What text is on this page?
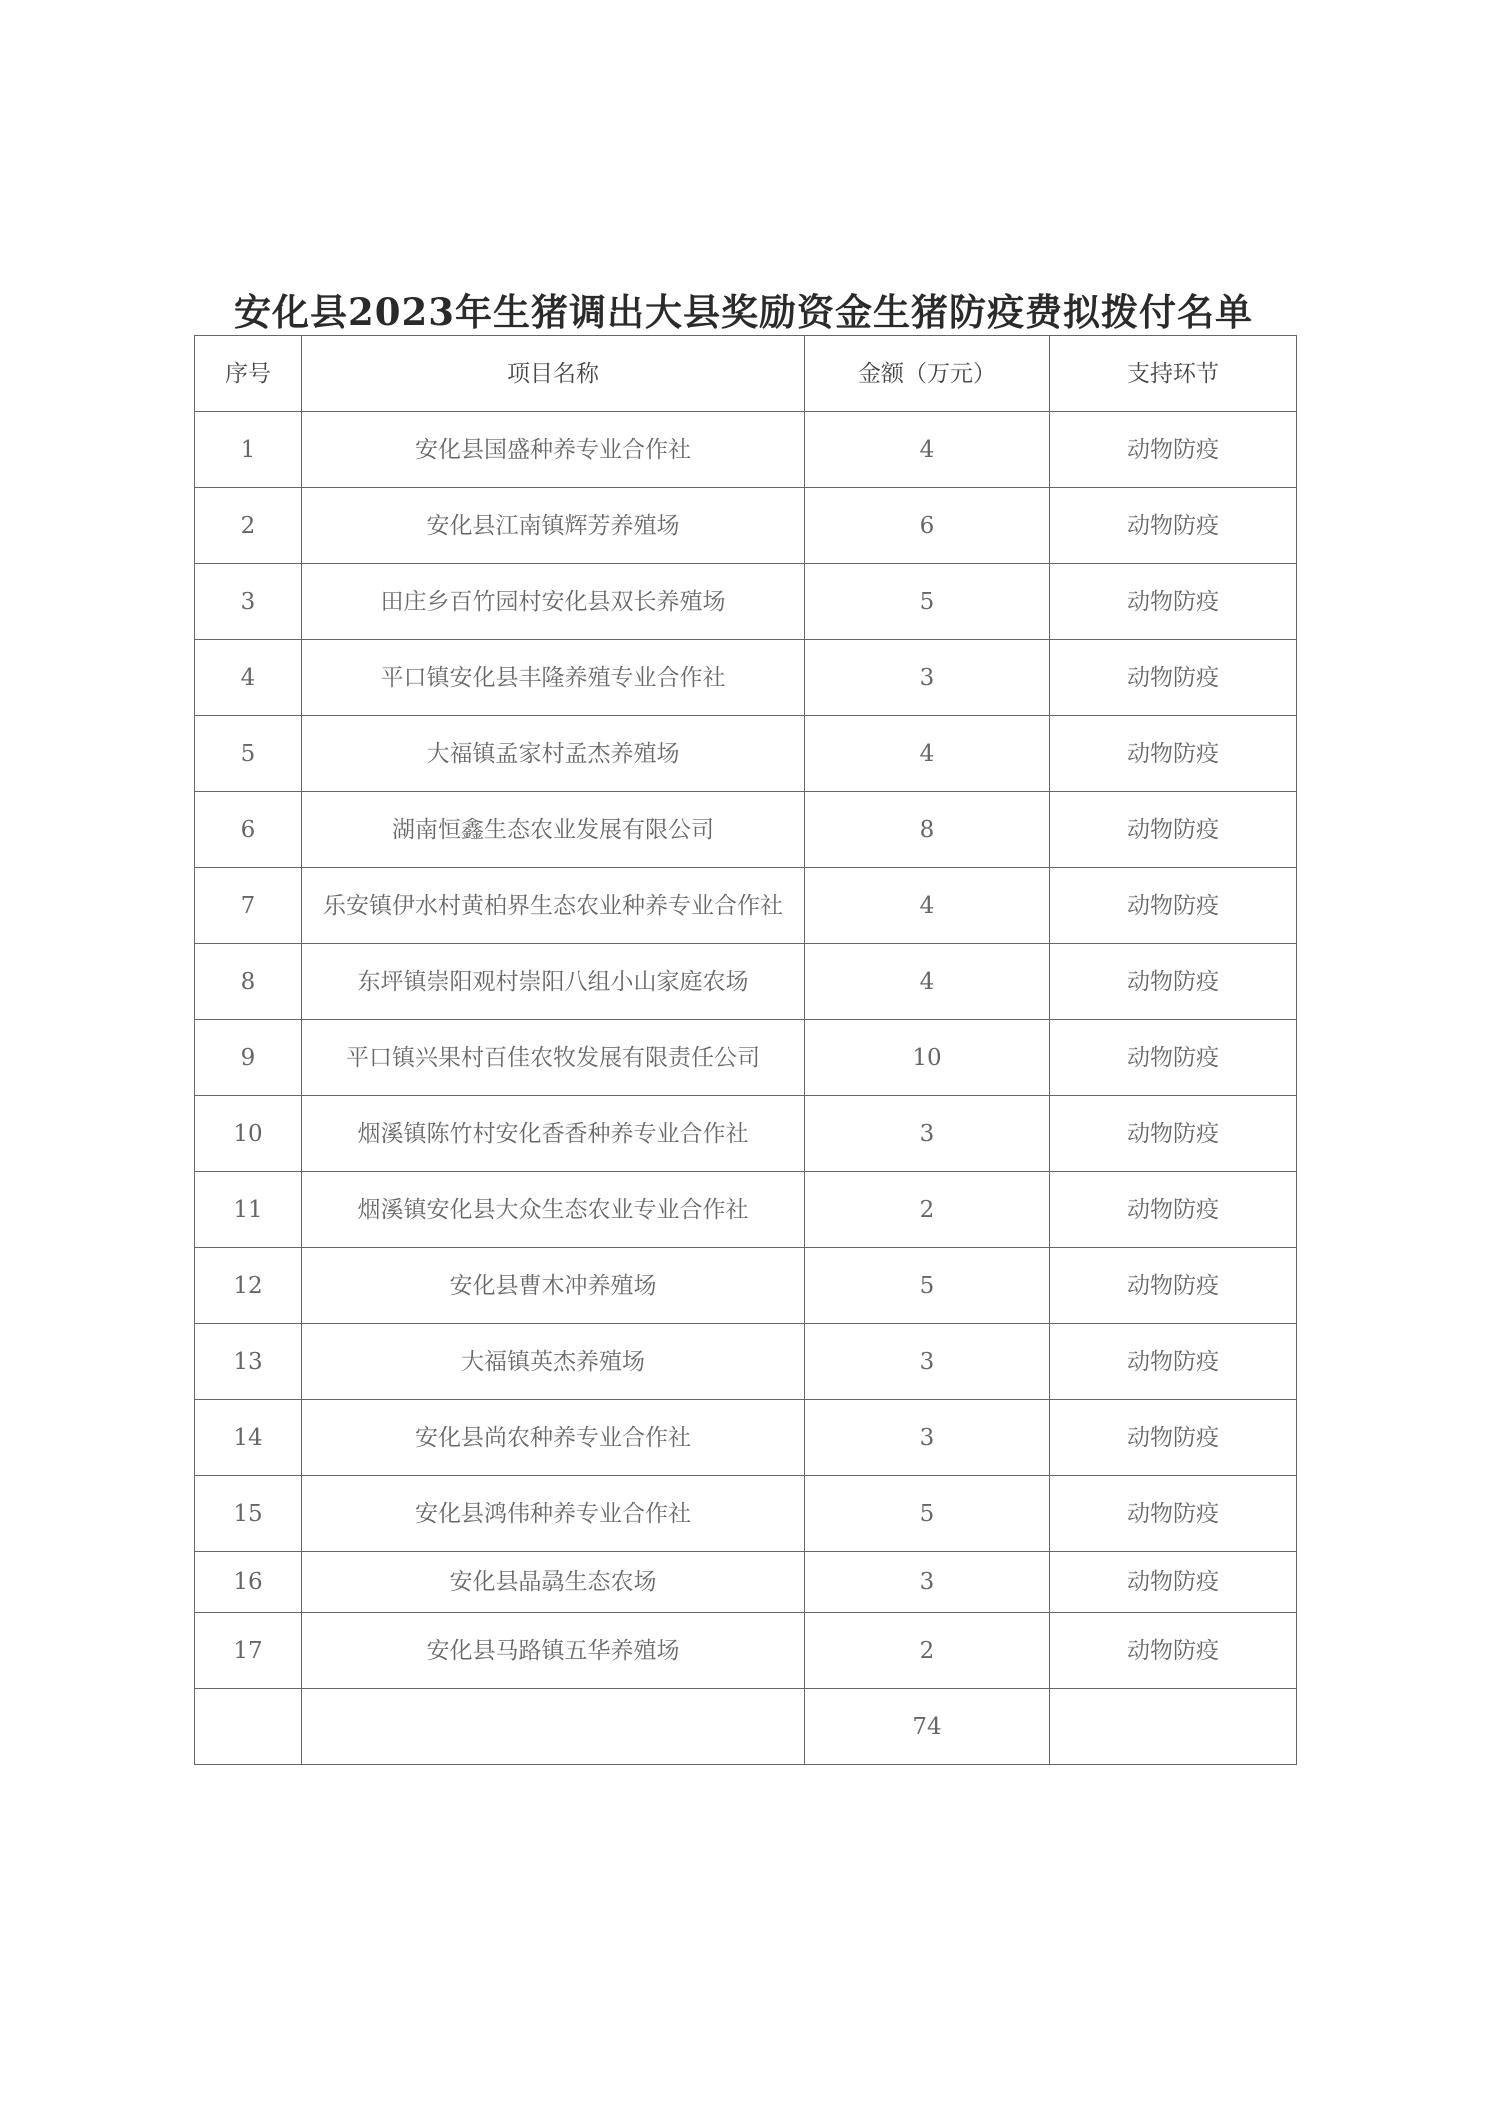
安化县2023年生猪调出大县奖励资金生猪防疫费拟拨付名单
序号	项目名称	金额（万元）	支持环节
1	安化县国盛种养专业合作社	4	动物防疫
2	安化县江南镇辉芳养殖场	6	动物防疫
3	田庄乡百竹园村安化县双长养殖场	5	动物防疫
4	平口镇安化县丰隆养殖专业合作社	3	动物防疫
5	大福镇孟家村孟杰养殖场	4	动物防疫
6	湖南恒鑫生态农业发展有限公司	8	动物防疫
7	乐安镇伊水村黄柏界生态农业种养专业合作社	4	动物防疫
8	东坪镇崇阳观村崇阳八组小山家庭农场	4	动物防疫
9	平口镇兴果村百佳农牧发展有限责任公司	10	动物防疫
10	烟溪镇陈竹村安化香香种养专业合作社	3	动物防疫
11	烟溪镇安化县大众生态农业专业合作社	2	动物防疫
12	安化县曹木冲养殖场	5	动物防疫
13	大福镇英杰养殖场	3	动物防疫
14	安化县尚农种养专业合作社	3	动物防疫
15	安化县鸿伟种养专业合作社	5	动物防疫
16	安化县晶骉生态农场	3	动物防疫
17	安化县马路镇五华养殖场	2	动物防疫
		74	
